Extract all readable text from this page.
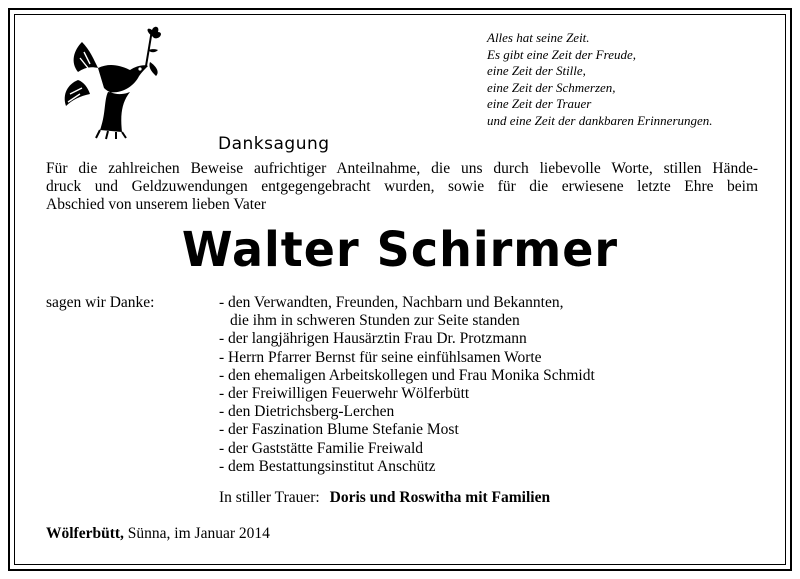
Alles hat seine Zeit.
Es gibt eine Zeit der Freude,
eine Zeit der Stille,
eine Zeit der Schmerzen,
eine Zeit der Trauer
und eine Zeit der dankbaren Erinnerungen.
Danksagung
Für die zahlreichen Beweise aufrichtiger Anteilnahme, die uns durch liebevolle Worte, stillen Hände-
druck und Geldzuwendungen entgegengebracht wurden, sowie für die erwiesene letzte Ehre beim
Abschied von unserem lieben Vater
Walter Schirmer
sagen wir Danke:	- den Verwandten, Freunden, Nachbarn und Bekannten,
die ihm in schweren Stunden zur Seite standen
- der langjährigen Hausärztin Frau Dr. Protzmann
- Herrn Pfarrer Bernst für seine einfühlsamen Worte
- den ehemaligen Arbeitskollegen und Frau Monika Schmidt
- der Freiwilligen Feuerwehr Wölferbütt
- den Dietrichsberg-Lerchen
- der Faszination Blume Stefanie Most
- der Gaststätte Familie Freiwald
- dem Bestattungsinstitut Anschütz
In stiller Trauer: Doris und Roswitha mit Familien
Wölferbütt, Sünna, im Januar 2014
